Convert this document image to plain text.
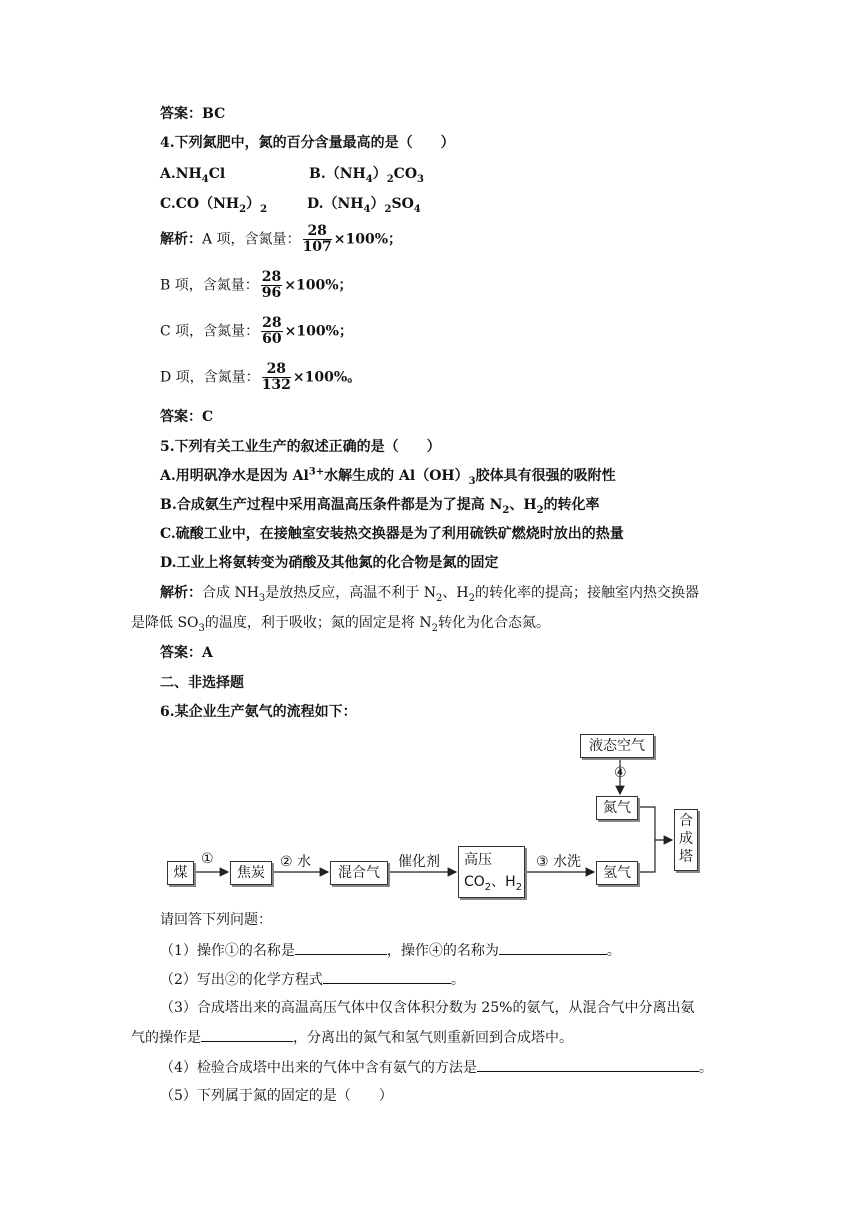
答案：BC
4.下列氮肥中，氮的百分含量最高的是（　　）
$A.NH_4Cl$	$B.(NH_4)_2CO_3$
$C.CO(NH_2)_2$	$D.(NH_4)_2SO_4$
解析：A 项，含氮量： $\frac{28}{107} \times 100\%$；
B 项，含氮量： $\frac{28}{96} \times 100\%$；
C 项，含氮量： $\frac{28}{60} \times 100\%$；
D 项，含氮量： $\frac{28}{132} \times 100\%$。
答案：C
5.下列有关工业生产的叙述正确的是（　　）
A.用明矾净水是因为 $Al^{3+}$水解生成的 $Al(OH)_3$胶体具有很强的吸附性
B.合成氨生产过程中采用高温高压条件都是为了提高 $N_2$、$H_2$的转化率
C.硫酸工业中，在接触室安装热交换器是为了利用硫铁矿燃烧时放出的热量
D.工业上将氨转变为硝酸及其他氮的化合物是氮的固定
解析：合成 $NH_3$是放热反应，高温不利于 $N_2$、$H_2$的转化率的提高；接触室内热交换器
是降低 $SO_3$的温度，利于吸收；氮的固定是将 $N_2$转化为化合态氮。
答案：A
二、非选择题
6.某企业生产氨气的流程如下：
煤	焦炭	混合气
高压
$CO_2$、$H_2$
液态空气
氮气
氢气
合成塔
①	② 水	催化剂	③ 水洗
④
请回答下列问题：
（1）操作①的名称是	，操作④的名称为	。
（2）写出②的化学方程式	。
（3）合成塔出来的高温高压气体中仅含体积分数为 25%的氨气，从混合气中分离出氨
气的操作是	，分离出的氮气和氢气则重新回到合成塔中。
（4）检验合成塔中出来的气体中含有氨气的方法是	。
（5）下列属于氮的固定的是（　　）
